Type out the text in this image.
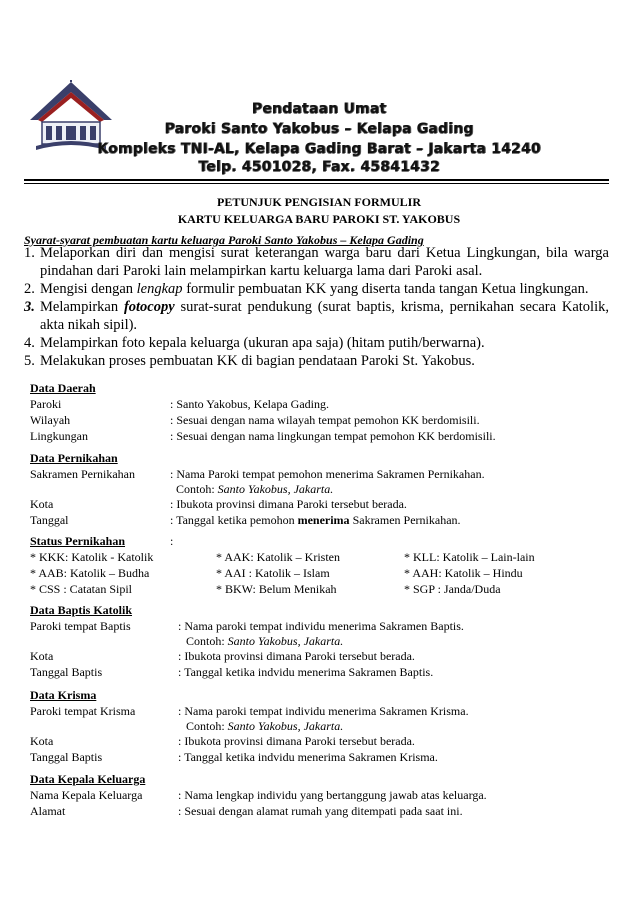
Pendataan Umat
Paroki Santo Yakobus – Kelapa Gading
Kompleks TNI-AL, Kelapa Gading Barat – Jakarta 14240
Telp. 4501028, Fax. 45841432
PETUNJUK PENGISIAN FORMULIR
KARTU KELUARGA BARU PAROKI ST. YAKOBUS
Syarat-syarat pembuatan kartu keluarga Paroki Santo Yakobus – Kelapa Gading
1. Melaporkan diri dan mengisi surat keterangan warga baru dari Ketua Lingkungan, bila warga pindahan dari Paroki lain melampirkan kartu keluarga lama dari Paroki asal.
2. Mengisi dengan lengkap formulir pembuatan KK yang diserta tanda tangan Ketua lingkungan.
3. Melampirkan fotocopy surat-surat pendukung (surat baptis, krisma, pernikahan secara Katolik, akta nikah sipil).
4. Melampirkan foto kepala keluarga (ukuran apa saja) (hitam putih/berwarna).
5. Melakukan proses pembuatan KK di bagian pendataan Paroki St. Yakobus.
Data Daerah
Paroki	: Santo Yakobus, Kelapa Gading.
Wilayah	: Sesuai dengan nama wilayah tempat pemohon KK berdomisili.
Lingkungan	: Sesuai dengan nama lingkungan tempat pemohon KK berdomisili.
Data Pernikahan
Sakramen Pernikahan	: Nama Paroki tempat pemohon menerima Sakramen Pernikahan.
Contoh: Santo Yakobus, Jakarta.
Kota	: Ibukota provinsi dimana Paroki tersebut berada.
Tanggal	: Tanggal ketika pemohon menerima Sakramen Pernikahan.
Status Pernikahan	:
* KKK: Katolik - Katolik	* AAK: Katolik – Kristen	* KLL: Katolik – Lain-lain
* AAB: Katolik – Budha	* AAI : Katolik – Islam	* AAH: Katolik – Hindu
* CSS : Catatan Sipil	* BKW: Belum Menikah	* SGP : Janda/Duda
Data Baptis Katolik
Paroki tempat Baptis	: Nama paroki tempat individu menerima Sakramen Baptis.
Contoh: Santo Yakobus, Jakarta.
Kota	: Ibukota provinsi dimana Paroki tersebut berada.
Tanggal Baptis	: Tanggal ketika indvidu menerima Sakramen Baptis.
Data Krisma
Paroki tempat Krisma	: Nama paroki tempat individu menerima Sakramen Krisma.
Contoh: Santo Yakobus, Jakarta.
Kota	: Ibukota provinsi dimana Paroki tersebut berada.
Tanggal Baptis	: Tanggal ketika indvidu menerima Sakramen Krisma.
Data Kepala Keluarga
Nama Kepala Keluarga	: Nama lengkap individu yang bertanggung jawab atas keluarga.
Alamat	: Sesuai dengan alamat rumah yang ditempati pada saat ini.
